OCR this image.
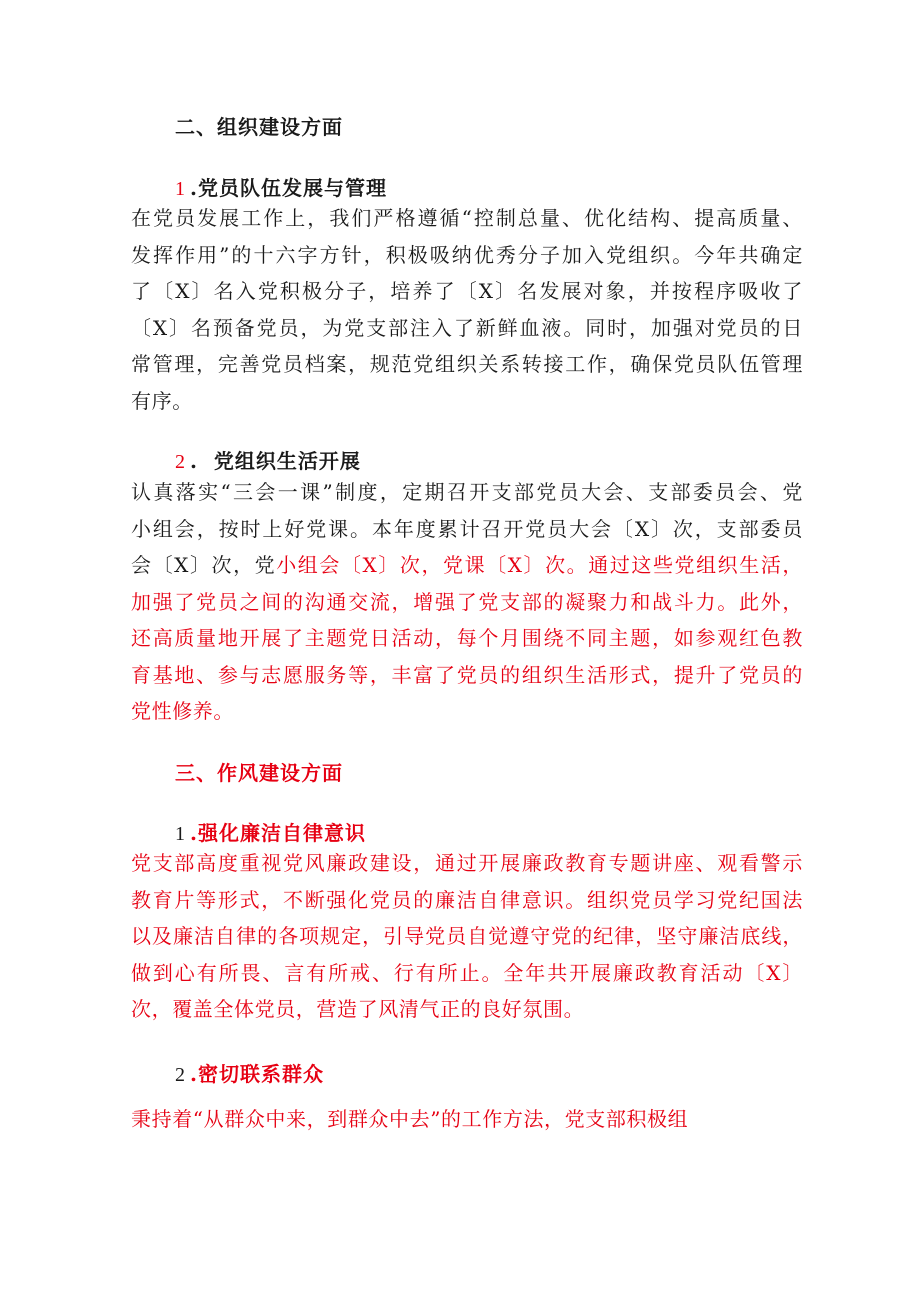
二、组织建设方面
1 .党员队伍发展与管理
在党员发展工作上，我们严格遵循“控制总量、优化结构、提高质量、
发挥作用”的十六字方针，积极吸纳优秀分子加入党组织。今年共确定
了〔X〕名入党积极分子，培养了〔X〕名发展对象，并按程序吸收了
〔X〕名预备党员，为党支部注入了新鲜血液。同时，加强对党员的日
常管理，完善党员档案，规范党组织关系转接工作，确保党员队伍管理
有序。
2 .  党组织生活开展
认真落实“三会一课”制度，定期召开支部党员大会、支部委员会、党
小组会，按时上好党课。本年度累计召开党员大会〔X〕次，支部委员
会〔X〕次，党小组会〔X〕次，党课〔X〕次。通过这些党组织生活，
加强了党员之间的沟通交流，增强了党支部的凝聚力和战斗力。此外，
还高质量地开展了主题党日活动，每个月围绕不同主题，如参观红色教
育基地、参与志愿服务等，丰富了党员的组织生活形式，提升了党员的
党性修养。
三、作风建设方面
1 .强化廉洁自律意识
党支部高度重视党风廉政建设，通过开展廉政教育专题讲座、观看警示
教育片等形式，不断强化党员的廉洁自律意识。组织党员学习党纪国法
以及廉洁自律的各项规定，引导党员自觉遵守党的纪律，坚守廉洁底线，
做到心有所畏、言有所戒、行有所止。全年共开展廉政教育活动〔X〕
次，覆盖全体党员，营造了风清气正的良好氛围。
2 .密切联系群众
秉持着“从群众中来，到群众中去”的工作方法，党支部积极组
